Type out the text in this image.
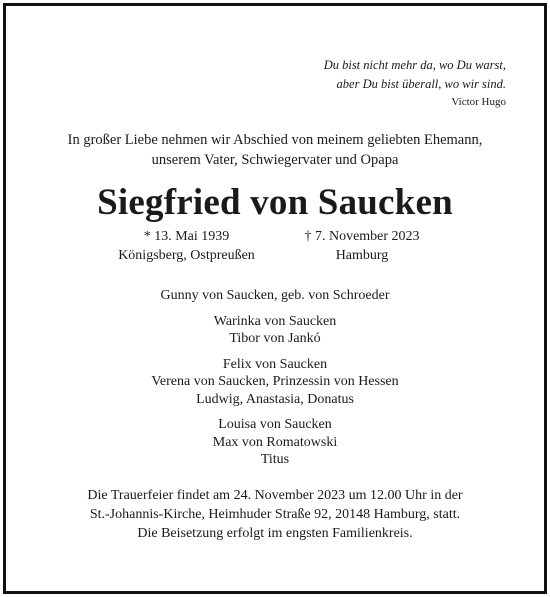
Du bist nicht mehr da, wo Du warst,
aber Du bist überall, wo wir sind.
Victor Hugo
In großer Liebe nehmen wir Abschied von meinem geliebten Ehemann,
unserem Vater, Schwiegervater und Opapa
Siegfried von Saucken
* 13. Mai 1939
Königsberg, Ostpreußen
† 7. November 2023
Hamburg
Gunny von Saucken, geb. von Schroeder
Warinka von Saucken
Tibor von Jankó
Felix von Saucken
Verena von Saucken, Prinzessin von Hessen
Ludwig, Anastasia, Donatus
Louisa von Saucken
Max von Romatowski
Titus
Die Trauerfeier findet am 24. November 2023 um 12.00 Uhr in der
St.-Johannis-Kirche, Heimhuder Straße 92, 20148 Hamburg, statt.
Die Beisetzung erfolgt im engsten Familienkreis.
